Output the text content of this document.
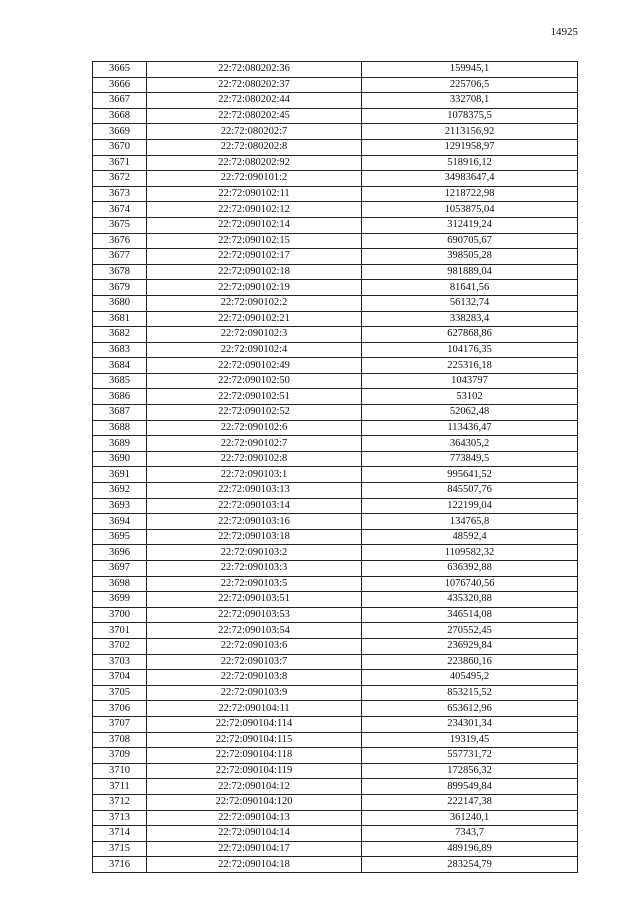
14925
3665	22:72:080202:36	159945,1
3666	22:72:080202:37	225706,5
3667	22:72:080202:44	332708,1
3668	22:72:080202:45	1078375,5
3669	22:72:080202:7	2113156,92
3670	22:72:080202:8	1291958,97
3671	22:72:080202:92	518916,12
3672	22:72:090101:2	34983647,4
3673	22:72:090102:11	1218722,98
3674	22:72:090102:12	1053875,04
3675	22:72:090102:14	312419,24
3676	22:72:090102:15	690705,67
3677	22:72:090102:17	398505,28
3678	22:72:090102:18	981889,04
3679	22:72:090102:19	81641,56
3680	22:72:090102:2	56132,74
3681	22:72:090102:21	338283,4
3682	22:72:090102:3	627868,86
3683	22:72:090102:4	104176,35
3684	22:72:090102:49	225316,18
3685	22:72:090102:50	1043797
3686	22:72:090102:51	53102
3687	22:72:090102:52	52062,48
3688	22:72:090102:6	113436,47
3689	22:72:090102:7	364305,2
3690	22:72:090102:8	773849,5
3691	22:72:090103:1	995641,52
3692	22:72:090103:13	845507,76
3693	22:72:090103:14	122199,04
3694	22:72:090103:16	134765,8
3695	22:72:090103:18	48592,4
3696	22:72:090103:2	1109582,32
3697	22:72:090103:3	636392,88
3698	22:72:090103:5	1076740,56
3699	22:72:090103:51	435320,88
3700	22:72:090103:53	346514,08
3701	22:72:090103:54	270552,45
3702	22:72:090103:6	236929,84
3703	22:72:090103:7	223860,16
3704	22:72:090103:8	405495,2
3705	22:72:090103:9	853215,52
3706	22:72:090104:11	653612,96
3707	22:72:090104:114	234301,34
3708	22:72:090104:115	19319,45
3709	22:72:090104:118	557731,72
3710	22:72:090104:119	172856,32
3711	22:72:090104:12	899549,84
3712	22:72:090104:120	222147,38
3713	22:72:090104:13	361240,1
3714	22:72:090104:14	7343,7
3715	22:72:090104:17	489196,89
3716	22:72:090104:18	283254,79
